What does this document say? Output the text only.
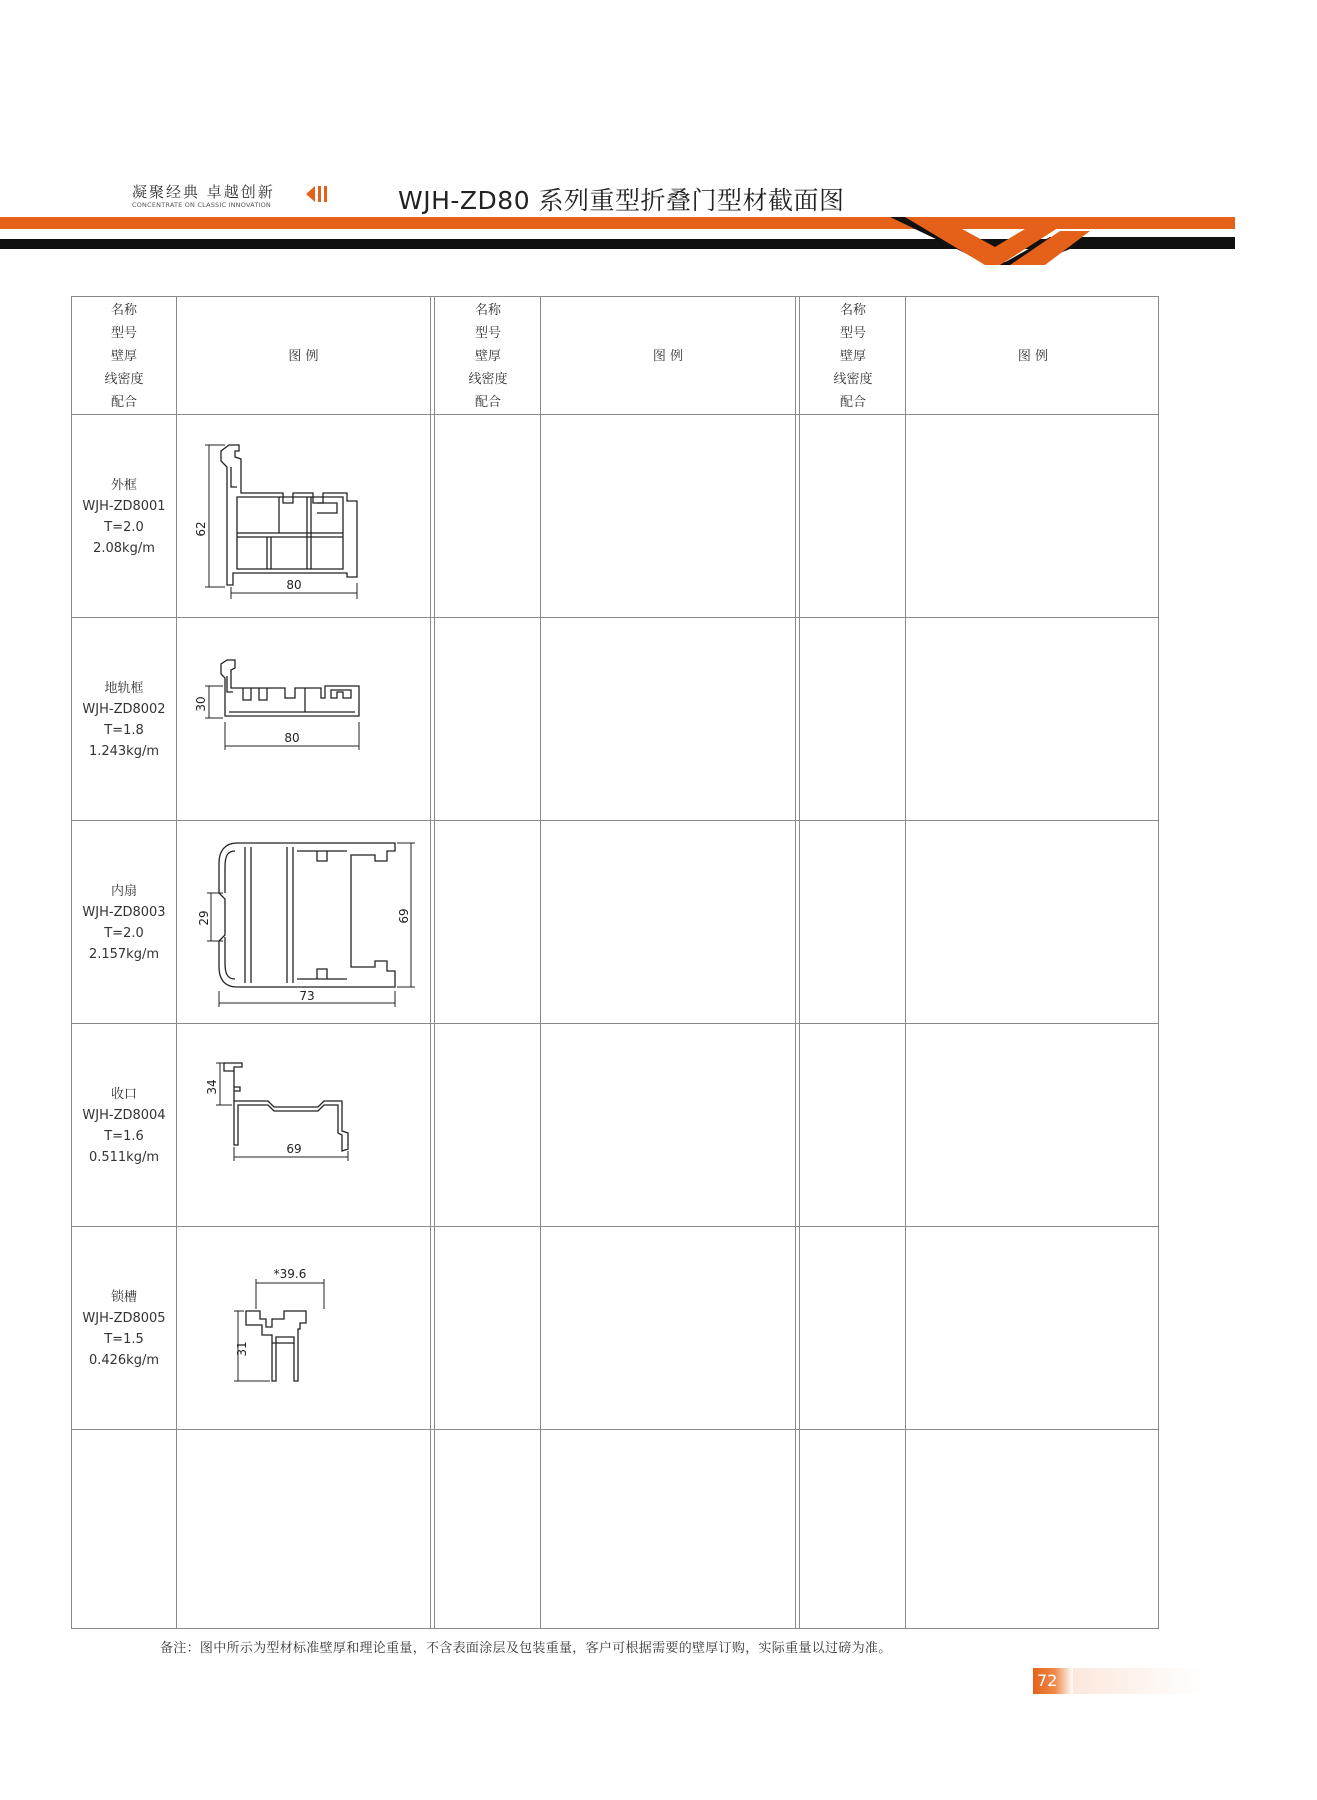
凝聚经典 卓越创新
CONCENTRATE ON CLASSIC INNOVATION	WJH-ZD80 系列重型折叠门型材截面图
名称
型号
壁厚
线密度
配合
图 例
名称
型号
壁厚
线密度
配合
图 例
名称
型号
壁厚
线密度
配合
图 例
外框
WJH-ZD8001
T=2.0
2.08kg/m
62
80
地轨框
WJH-ZD8002
T=1.8
1.243kg/m
30
80
内扇
WJH-ZD8003
T=2.0
2.157kg/m
29	69
73
收口
WJH-ZD8004
T=1.6
0.511kg/m
34
69
锁槽
WJH-ZD8005
T=1.5
0.426kg/m
*39.6
31
备注：图中所示为型材标准壁厚和理论重量，不含表面涂层及包装重量，客户可根据需要的壁厚订购，实际重量以过磅为准。
72
